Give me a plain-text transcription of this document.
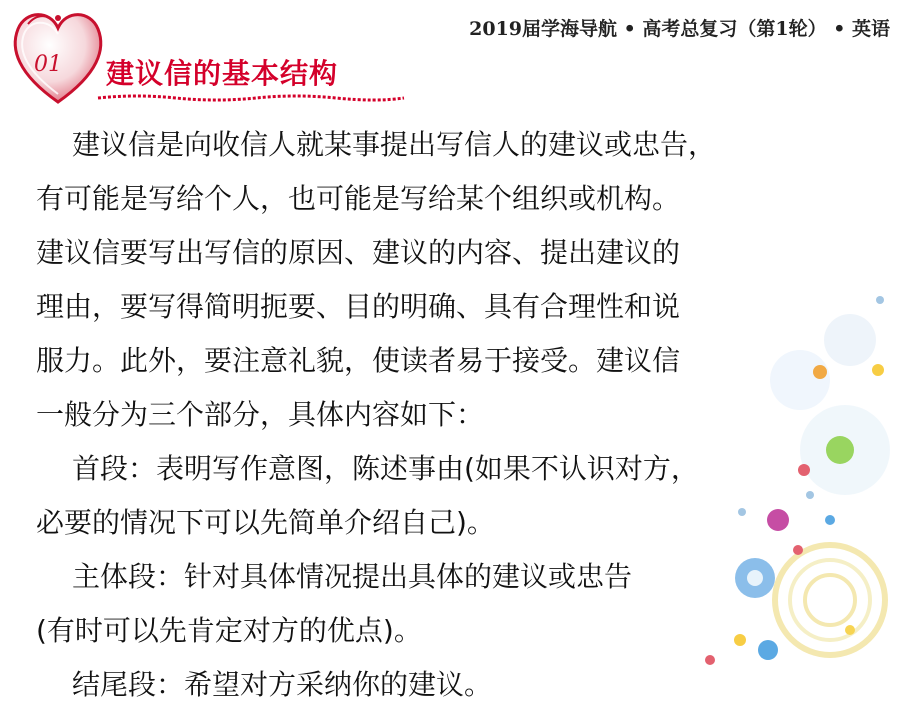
2019届学海导航 • 高考总复习（第1轮） • 英语
01 建议信的基本结构
建议信是向收信人就某事提出写信人的建议或忠告，
有可能是写给个人，也可能是写给某个组织或机构。
建议信要写出写信的原因、建议的内容、提出建议的
理由，要写得简明扼要、目的明确、具有合理性和说
服力。此外，要注意礼貌，使读者易于接受。建议信
一般分为三个部分，具体内容如下：
首段：表明写作意图，陈述事由(如果不认识对方，
必要的情况下可以先简单介绍自己)。
主体段：针对具体情况提出具体的建议或忠告
(有时可以先肯定对方的优点)。
结尾段：希望对方采纳你的建议。
